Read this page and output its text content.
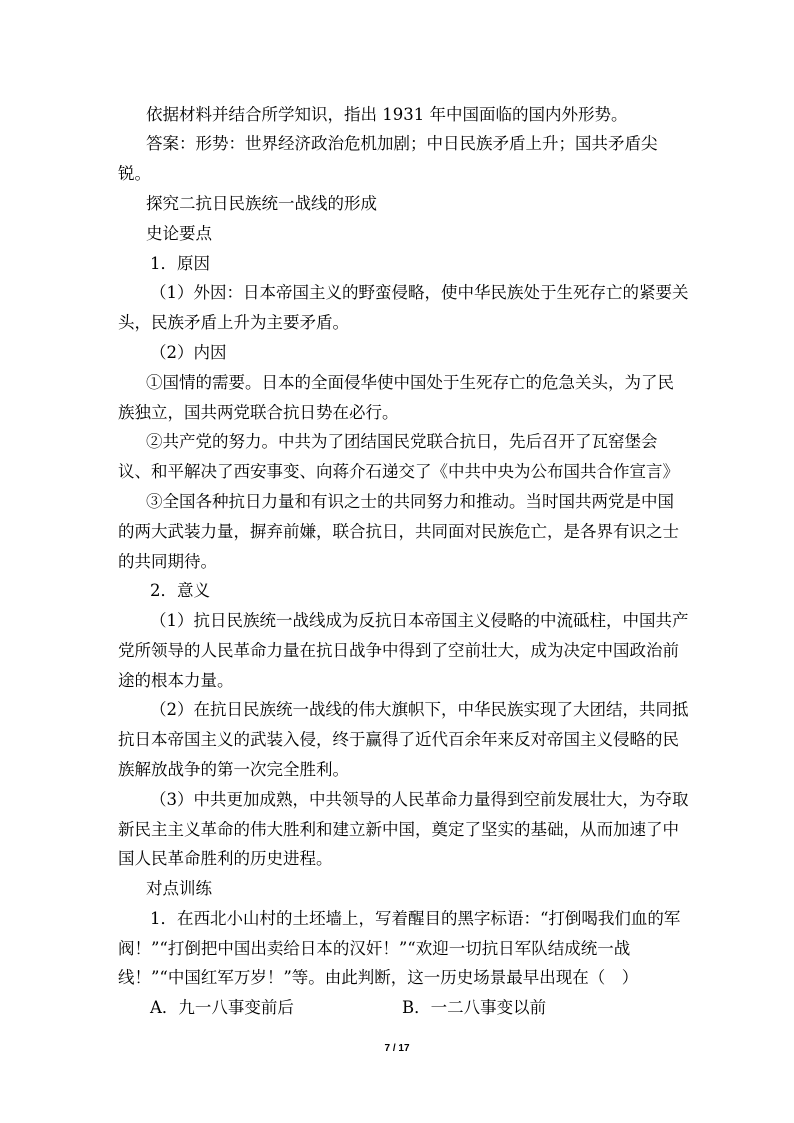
依据材料并结合所学知识，指出 1931 年中国面临的国内外形势。
答案：形势：世界经济政治危机加剧；中日民族矛盾上升；国共矛盾尖
锐。
探究二抗日民族统一战线的形成
史论要点
1．原因
（1）外因：日本帝国主义的野蛮侵略，使中华民族处于生死存亡的紧要关
头，民族矛盾上升为主要矛盾。
（2）内因
①国情的需要。日本的全面侵华使中国处于生死存亡的危急关头，为了民
族独立，国共两党联合抗日势在必行。
②共产党的努力。中共为了团结国民党联合抗日，先后召开了瓦窑堡会
议、和平解决了西安事变、向蒋介石递交了《中共中央为公布国共合作宣言》
③全国各种抗日力量和有识之士的共同努力和推动。当时国共两党是中国
的两大武装力量，摒弃前嫌，联合抗日，共同面对民族危亡，是各界有识之士
的共同期待。
2．意义
（1）抗日民族统一战线成为反抗日本帝国主义侵略的中流砥柱，中国共产
党所领导的人民革命力量在抗日战争中得到了空前壮大，成为决定中国政治前
途的根本力量。
（2）在抗日民族统一战线的伟大旗帜下，中华民族实现了大团结，共同抵
抗日本帝国主义的武装入侵，终于赢得了近代百余年来反对帝国主义侵略的民
族解放战争的第一次完全胜利。
（3）中共更加成熟，中共领导的人民革命力量得到空前发展壮大，为夺取
新民主主义革命的伟大胜利和建立新中国，奠定了坚实的基础，从而加速了中
国人民革命胜利的历史进程。
对点训练
1．在西北小山村的土坯墙上，写着醒目的黑字标语：“打倒喝我们血的军
阀！”“打倒把中国出卖给日本的汉奸！”“欢迎一切抗日军队结成统一战
线！”“中国红军万岁！”等。由此判断，这一历史场景最早出现在（　）
A．九一八事变前后	B．一二八事变以前
7 / 17
